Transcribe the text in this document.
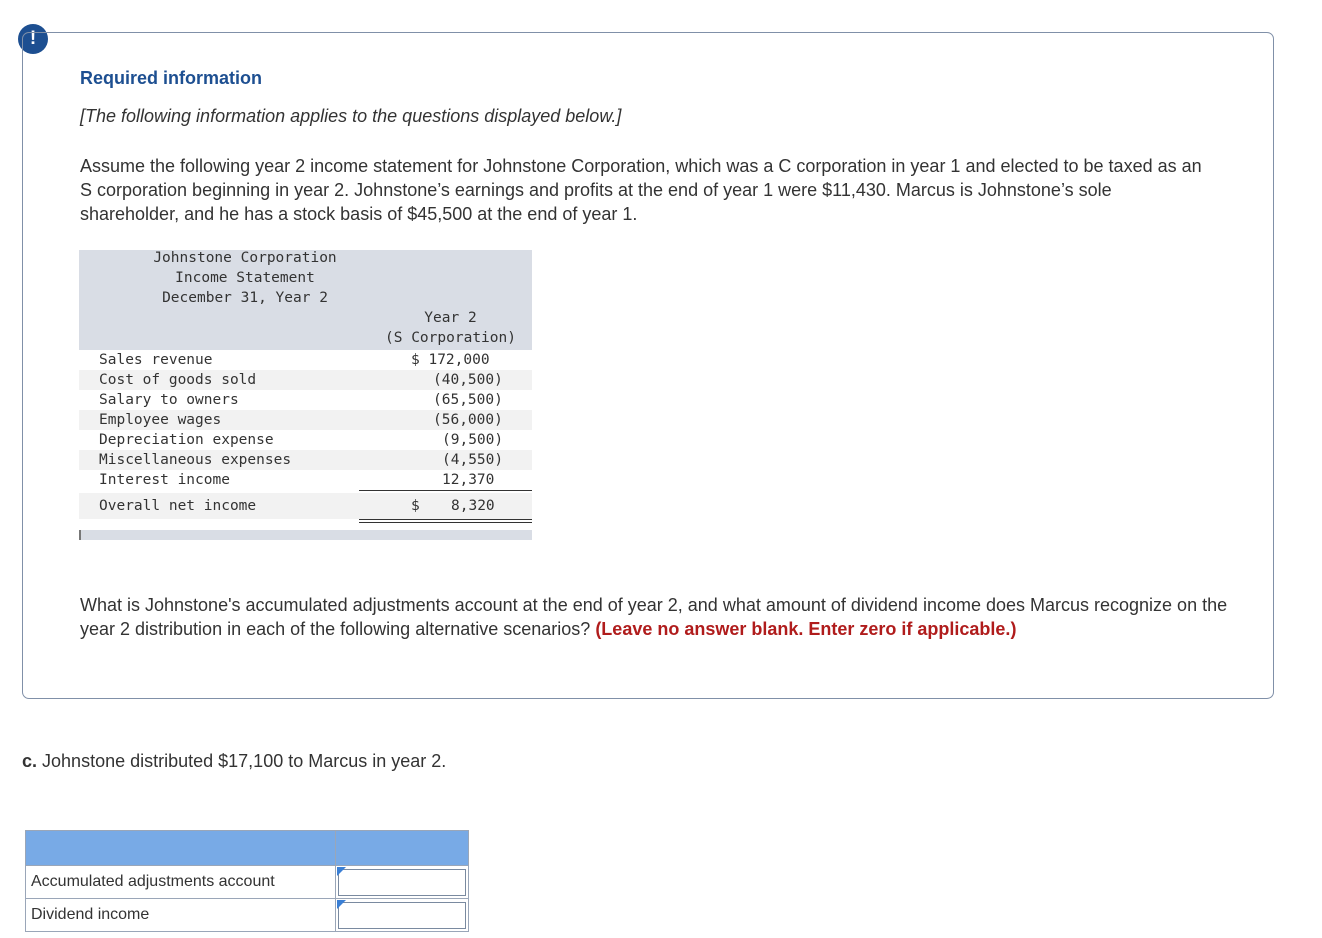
!
Required information
[The following information applies to the questions displayed below.]

Assume the following year 2 income statement for Johnstone Corporation, which was a C corporation in year 1 and elected to be taxed as an S corporation beginning in year 2. Johnstone’s earnings and profits at the end of year 1 were $11,430. Marcus is Johnstone’s sole shareholder, and he has a stock basis of $45,500 at the end of year 1.

Johnstone Corporation
Income Statement
December 31, Year 2
Year 2
(S Corporation)
Sales revenue	$ 172,000
Cost of goods sold	(40,500)
Salary to owners	(65,500)
Employee wages	(56,000)
Depreciation expense	(9,500)
Miscellaneous expenses	(4,550)
Interest income	12,370
Overall net income	$ 8,320
What is Johnstone's accumulated adjustments account at the end of year 2, and what amount of dividend income does Marcus recognize on the year 2 distribution in each of the following alternative scenarios? (Leave no answer blank. Enter zero if applicable.)
c. Johnstone distributed $17,100 to Marcus in year 2.

Accumulated adjustments account	

Dividend income	
